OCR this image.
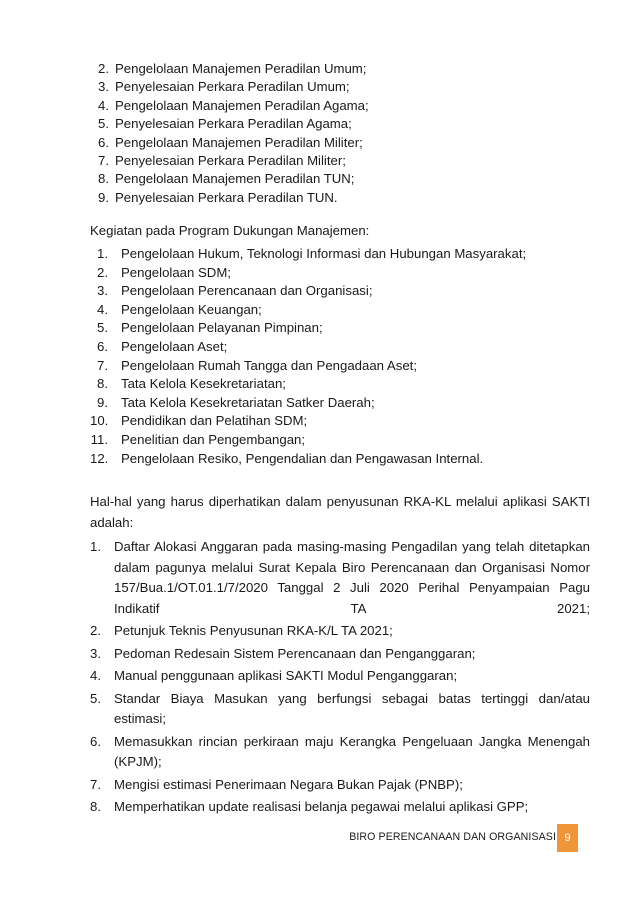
2. Pengelolaan Manajemen Peradilan Umum;
3. Penyelesaian Perkara Peradilan Umum;
4. Pengelolaan Manajemen Peradilan Agama;
5. Penyelesaian Perkara Peradilan Agama;
6. Pengelolaan Manajemen Peradilan Militer;
7. Penyelesaian Perkara Peradilan Militer;
8. Pengelolaan Manajemen Peradilan TUN;
9. Penyelesaian Perkara Peradilan TUN.
Kegiatan pada Program Dukungan Manajemen:
1. Pengelolaan Hukum, Teknologi Informasi dan Hubungan Masyarakat;
2. Pengelolaan SDM;
3. Pengelolaan Perencanaan dan Organisasi;
4. Pengelolaan Keuangan;
5. Pengelolaan Pelayanan Pimpinan;
6. Pengelolaan Aset;
7. Pengelolaan Rumah Tangga dan Pengadaan Aset;
8. Tata Kelola Kesekretariatan;
9. Tata Kelola Kesekretariatan Satker Daerah;
10. Pendidikan dan Pelatihan SDM;
11. Penelitian dan Pengembangan;
12. Pengelolaan Resiko, Pengendalian dan Pengawasan Internal.
Hal-hal yang harus diperhatikan dalam penyusunan RKA-KL melalui aplikasi SAKTI adalah:
1. Daftar Alokasi Anggaran pada masing-masing Pengadilan yang telah ditetapkan dalam pagunya melalui Surat Kepala Biro Perencanaan dan Organisasi Nomor 157/Bua.1/OT.01.1/7/2020 Tanggal 2 Juli 2020 Perihal Penyampaian Pagu Indikatif TA 2021;
2. Petunjuk Teknis Penyusunan RKA-K/L TA 2021;
3. Pedoman Redesain Sistem Perencanaan dan Penganggaran;
4. Manual penggunaan aplikasi SAKTI Modul Penganggaran;
5. Standar Biaya Masukan yang berfungsi sebagai batas tertinggi dan/atau estimasi;
6. Memasukkan rincian perkiraan maju Kerangka Pengeluaan Jangka Menengah (KPJM);
7. Mengisi estimasi Penerimaan Negara Bukan Pajak (PNBP);
8. Memperhatikan update realisasi belanja pegawai melalui aplikasi GPP;
BIRO PERENCANAAN DAN ORGANISASI 9
